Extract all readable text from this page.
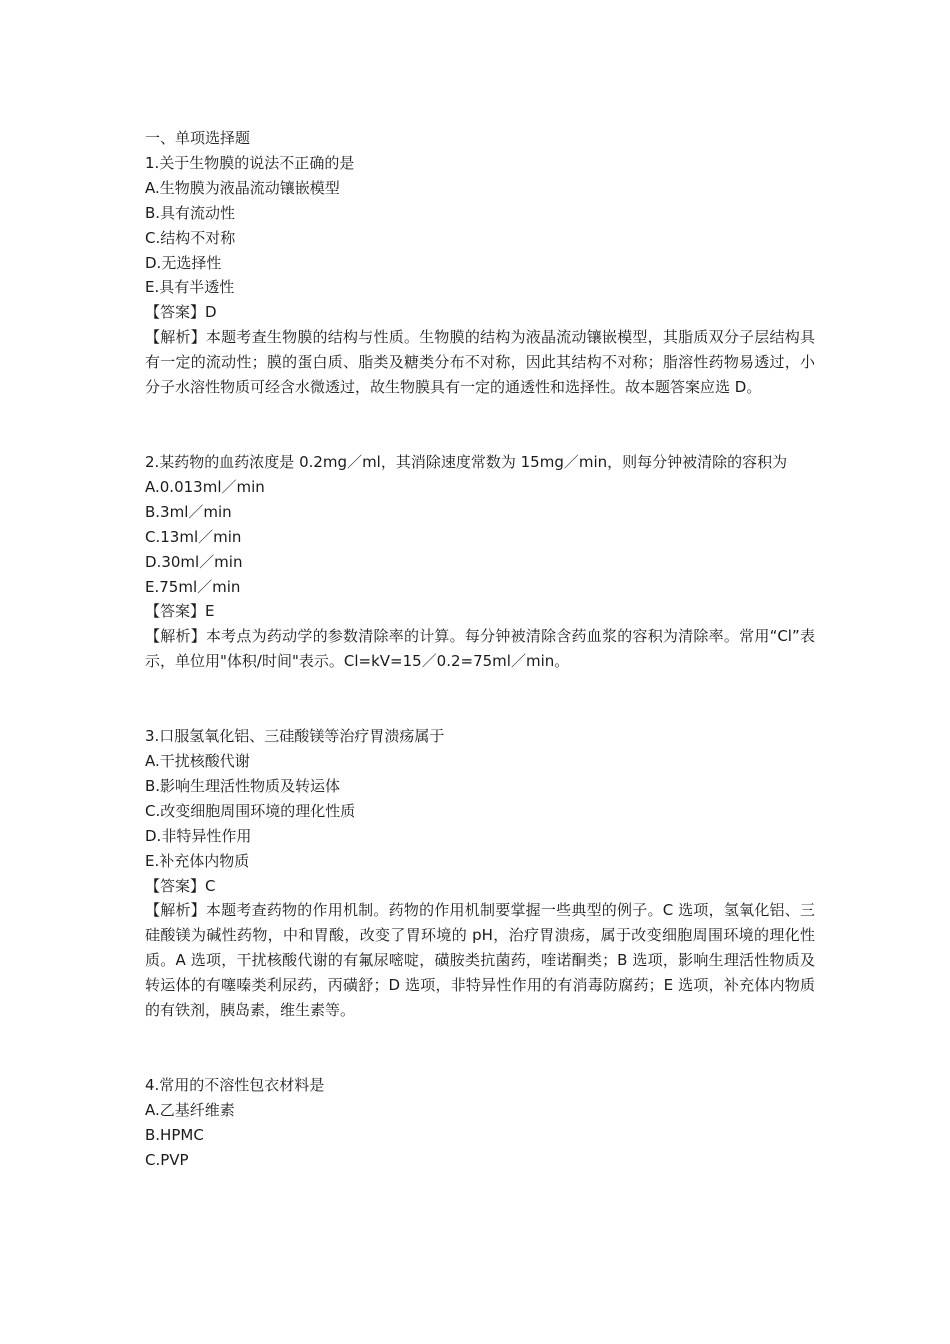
一、单项选择题
1.关于生物膜的说法不正确的是
A.生物膜为液晶流动镶嵌模型
B.具有流动性
C.结构不对称
D.无选择性
E.具有半透性
【答案】D
【解析】本题考查生物膜的结构与性质。生物膜的结构为液晶流动镶嵌模型，其脂质双分子层结构具有一定的流动性；膜的蛋白质、脂类及糖类分布不对称，因此其结构不对称；脂溶性药物易透过，小分子水溶性物质可经含水微透过，故生物膜具有一定的通透性和选择性。故本题答案应选 D。
2.某药物的血药浓度是 0.2mg／ml，其消除速度常数为 15mg／min，则每分钟被清除的容积为
A.0.013ml／min
B.3ml／min
C.13ml／min
D.30ml／min
E.75ml／min
【答案】E
【解析】本考点为药动学的参数清除率的计算。每分钟被清除含药血浆的容积为清除率。常用“Cl”表示，单位用"体积/时间"表示。Cl=kV=15／0.2=75ml／min。
3.口服氢氧化铝、三硅酸镁等治疗胃溃疡属于
A.干扰核酸代谢
B.影响生理活性物质及转运体
C.改变细胞周围环境的理化性质
D.非特异性作用
E.补充体内物质
【答案】C
【解析】本题考查药物的作用机制。药物的作用机制要掌握一些典型的例子。C 选项，氢氧化铝、三硅酸镁为碱性药物，中和胃酸，改变了胃环境的 pH，治疗胃溃疡，属于改变细胞周围环境的理化性质。A 选项，干扰核酸代谢的有氟尿嘧啶，磺胺类抗菌药，喹诺酮类；B 选项，影响生理活性物质及转运体的有噻嗪类利尿药，丙磺舒；D 选项，非特异性作用的有消毒防腐药；E 选项，补充体内物质的有铁剂，胰岛素，维生素等。
4.常用的不溶性包衣材料是
A.乙基纤维素
B.HPMC
C.PVP
